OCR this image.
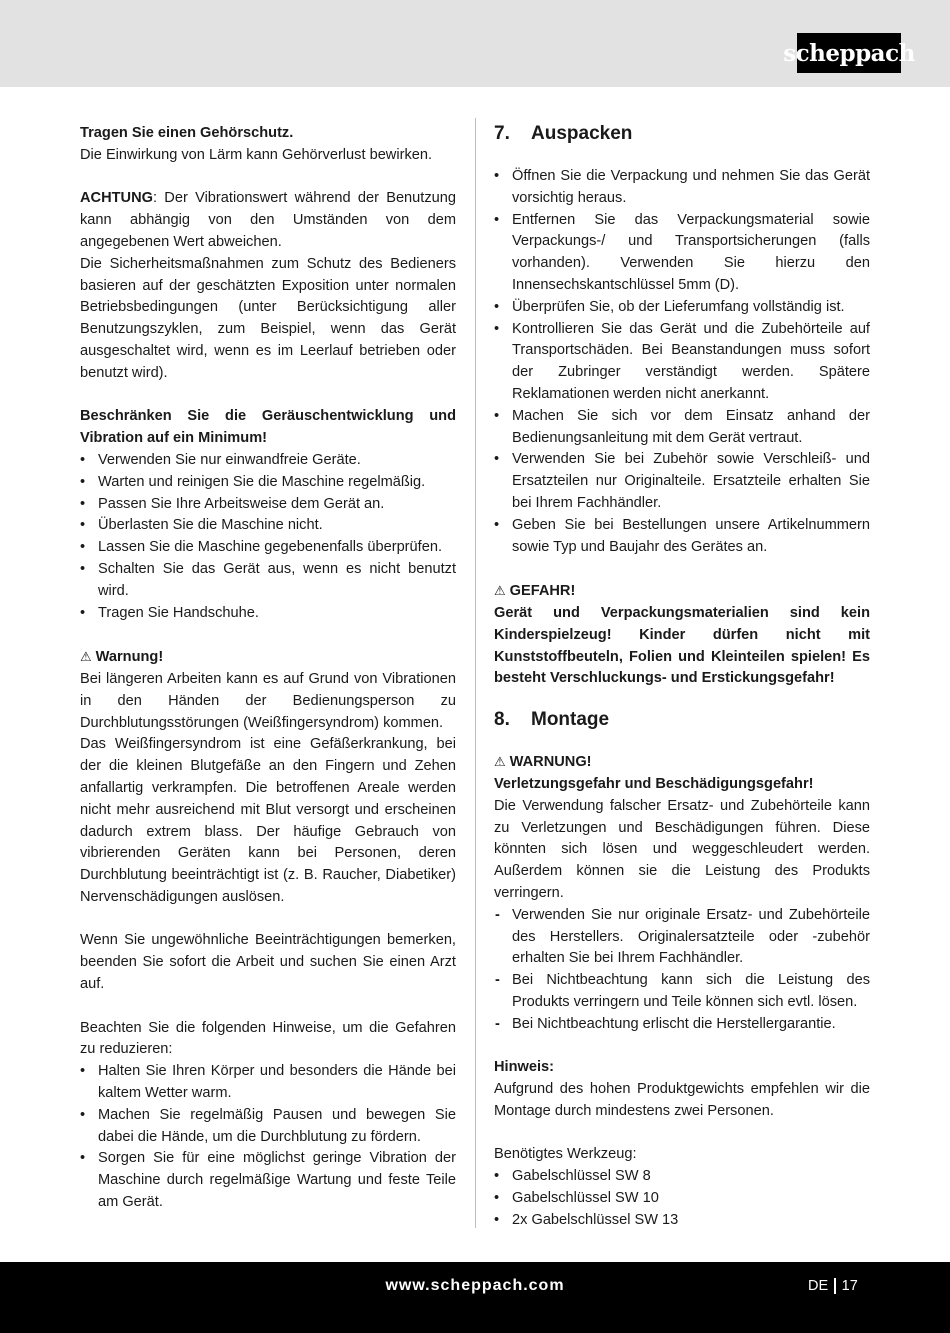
scheppach

Tragen Sie einen Gehörschutz.

Die Einwirkung von Lärm kann Gehörverlust bewirken.

ACHTUNG: Der Vibrationswert während der Benutzung kann abhängig von den Umständen von dem angegebenen Wert abweichen.

Die Sicherheitsmaßnahmen zum Schutz des Bedieners basieren auf der geschätzten Exposition unter normalen Betriebsbedingungen (unter Berücksichtigung aller Benutzungszyklen, zum Beispiel, wenn das Gerät ausgeschaltet wird, wenn es im Leerlauf betrieben oder benutzt wird).

Beschränken Sie die Geräuschentwicklung und Vibration auf ein Minimum!

• Verwenden Sie nur einwandfreie Geräte.
• Warten und reinigen Sie die Maschine regelmäßig.
• Passen Sie Ihre Arbeitsweise dem Gerät an.
• Überlasten Sie die Maschine nicht.
• Lassen Sie die Maschine gegebenenfalls überprüfen.
• Schalten Sie das Gerät aus, wenn es nicht benutzt wird.
• Tragen Sie Handschuhe.

⚠ Warnung!

Bei längeren Arbeiten kann es auf Grund von Vibrationen in den Händen der Bedienungsperson zu Durchblutungsstörungen (Weißfingersyndrom) kommen.

Das Weißfingersyndrom ist eine Gefäßerkrankung, bei der die kleinen Blutgefäße an den Fingern und Zehen anfallartig verkrampfen. Die betroffenen Areale werden nicht mehr ausreichend mit Blut versorgt und erscheinen dadurch extrem blass. Der häufige Gebrauch von vibrierenden Geräten kann bei Personen, deren Durchblutung beeinträchtigt ist (z. B. Raucher, Diabetiker) Nervenschädigungen auslösen.

Wenn Sie ungewöhnliche Beeinträchtigungen bemerken, beenden Sie sofort die Arbeit und suchen Sie einen Arzt auf.

Beachten Sie die folgenden Hinweise, um die Gefahren zu reduzieren:

• Halten Sie Ihren Körper und besonders die Hände bei kaltem Wetter warm.
• Machen Sie regelmäßig Pausen und bewegen Sie dabei die Hände, um die Durchblutung zu fördern.
• Sorgen Sie für eine möglichst geringe Vibration der Maschine durch regelmäßige Wartung und feste Teile am Gerät.

7.	Auspacken

• Öffnen Sie die Verpackung und nehmen Sie das Gerät vorsichtig heraus.
• Entfernen Sie das Verpackungsmaterial sowie Verpackungs-/ und Transportsicherungen (falls vorhanden). Verwenden Sie hierzu den Innensechskantschlüssel 5mm (D).
• Überprüfen Sie, ob der Lieferumfang vollständig ist.
• Kontrollieren Sie das Gerät und die Zubehörteile auf Transportschäden. Bei Beanstandungen muss sofort der Zubringer verständigt werden. Spätere Reklamationen werden nicht anerkannt.
• Machen Sie sich vor dem Einsatz anhand der Bedienungsanleitung mit dem Gerät vertraut.
• Verwenden Sie bei Zubehör sowie Verschleiß- und Ersatzteilen nur Originalteile. Ersatzteile erhalten Sie bei Ihrem Fachhändler.
• Geben Sie bei Bestellungen unsere Artikelnummern sowie Typ und Baujahr des Gerätes an.

⚠ GEFAHR!

Gerät und Verpackungsmaterialien sind kein Kinderspielzeug! Kinder dürfen nicht mit Kunststoffbeuteln, Folien und Kleinteilen spielen! Es besteht Verschluckungs- und Erstickungsgefahr!

8.	Montage

⚠ WARNUNG!

Verletzungsgefahr und Beschädigungsgefahr!

Die Verwendung falscher Ersatz- und Zubehörteile kann zu Verletzungen und Beschädigungen führen. Diese könnten sich lösen und weggeschleudert werden. Außerdem können sie die Leistung des Produkts verringern.

- Verwenden Sie nur originale Ersatz- und Zubehörteile des Herstellers. Originalersatzteile oder -zubehör erhalten Sie bei Ihrem Fachhändler.
- Bei Nichtbeachtung kann sich die Leistung des Produkts verringern und Teile können sich evtl. lösen.
- Bei Nichtbeachtung erlischt die Herstellergarantie.

Hinweis:

Aufgrund des hohen Produktgewichts empfehlen wir die Montage durch mindestens zwei Personen.

Benötigtes Werkzeug:

• Gabelschlüssel SW 8
• Gabelschlüssel SW 10
• 2x Gabelschlüssel SW 13
www.scheppach.com	DE 17
